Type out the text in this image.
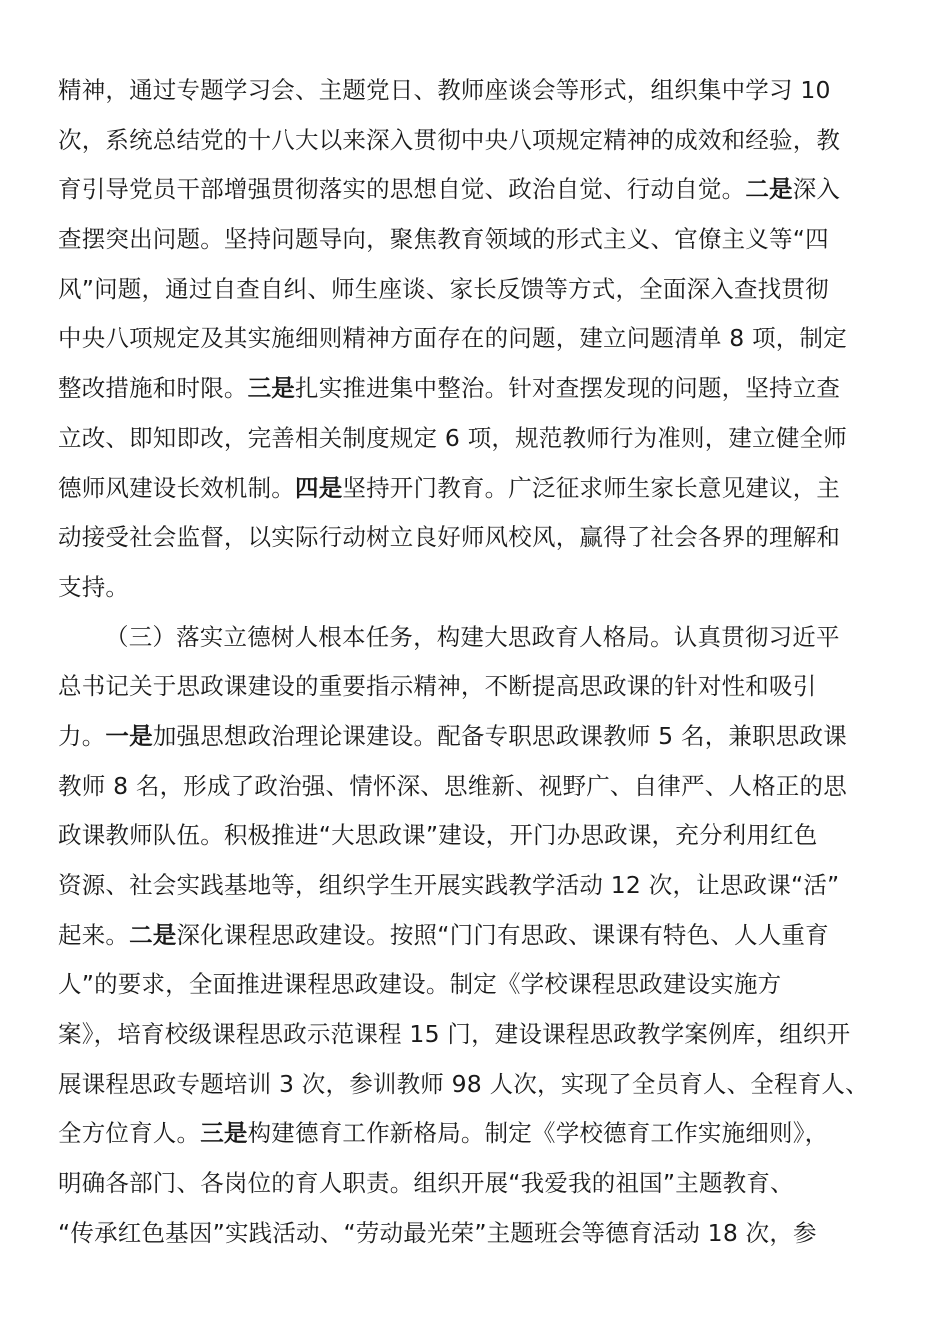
精神，通过专题学习会、主题党日、教师座谈会等形式，组织集中学习 10
次，系统总结党的十八大以来深入贯彻中央八项规定精神的成效和经验，教
育引导党员干部增强贯彻落实的思想自觉、政治自觉、行动自觉。二是深入
查摆突出问题。坚持问题导向，聚焦教育领域的形式主义、官僚主义等“四
风”问题，通过自查自纠、师生座谈、家长反馈等方式，全面深入查找贯彻
中央八项规定及其实施细则精神方面存在的问题，建立问题清单 8 项，制定
整改措施和时限。三是扎实推进集中整治。针对查摆发现的问题，坚持立查
立改、即知即改，完善相关制度规定 6 项，规范教师行为准则，建立健全师
德师风建设长效机制。四是坚持开门教育。广泛征求师生家长意见建议，主
动接受社会监督，以实际行动树立良好师风校风，赢得了社会各界的理解和
支持。
（三）落实立德树人根本任务，构建大思政育人格局。认真贯彻习近平
总书记关于思政课建设的重要指示精神，不断提高思政课的针对性和吸引
力。一是加强思想政治理论课建设。配备专职思政课教师 5 名，兼职思政课
教师 8 名，形成了政治强、情怀深、思维新、视野广、自律严、人格正的思
政课教师队伍。积极推进“大思政课”建设，开门办思政课，充分利用红色
资源、社会实践基地等，组织学生开展实践教学活动 12 次，让思政课“活”
起来。二是深化课程思政建设。按照“门门有思政、课课有特色、人人重育
人”的要求，全面推进课程思政建设。制定《学校课程思政建设实施方
案》，培育校级课程思政示范课程 15 门，建设课程思政教学案例库，组织开
展课程思政专题培训 3 次，参训教师 98 人次，实现了全员育人、全程育人、
全方位育人。三是构建德育工作新格局。制定《学校德育工作实施细则》，
明确各部门、各岗位的育人职责。组织开展“我爱我的祖国”主题教育、
“传承红色基因”实践活动、“劳动最光荣”主题班会等德育活动 18 次，参
